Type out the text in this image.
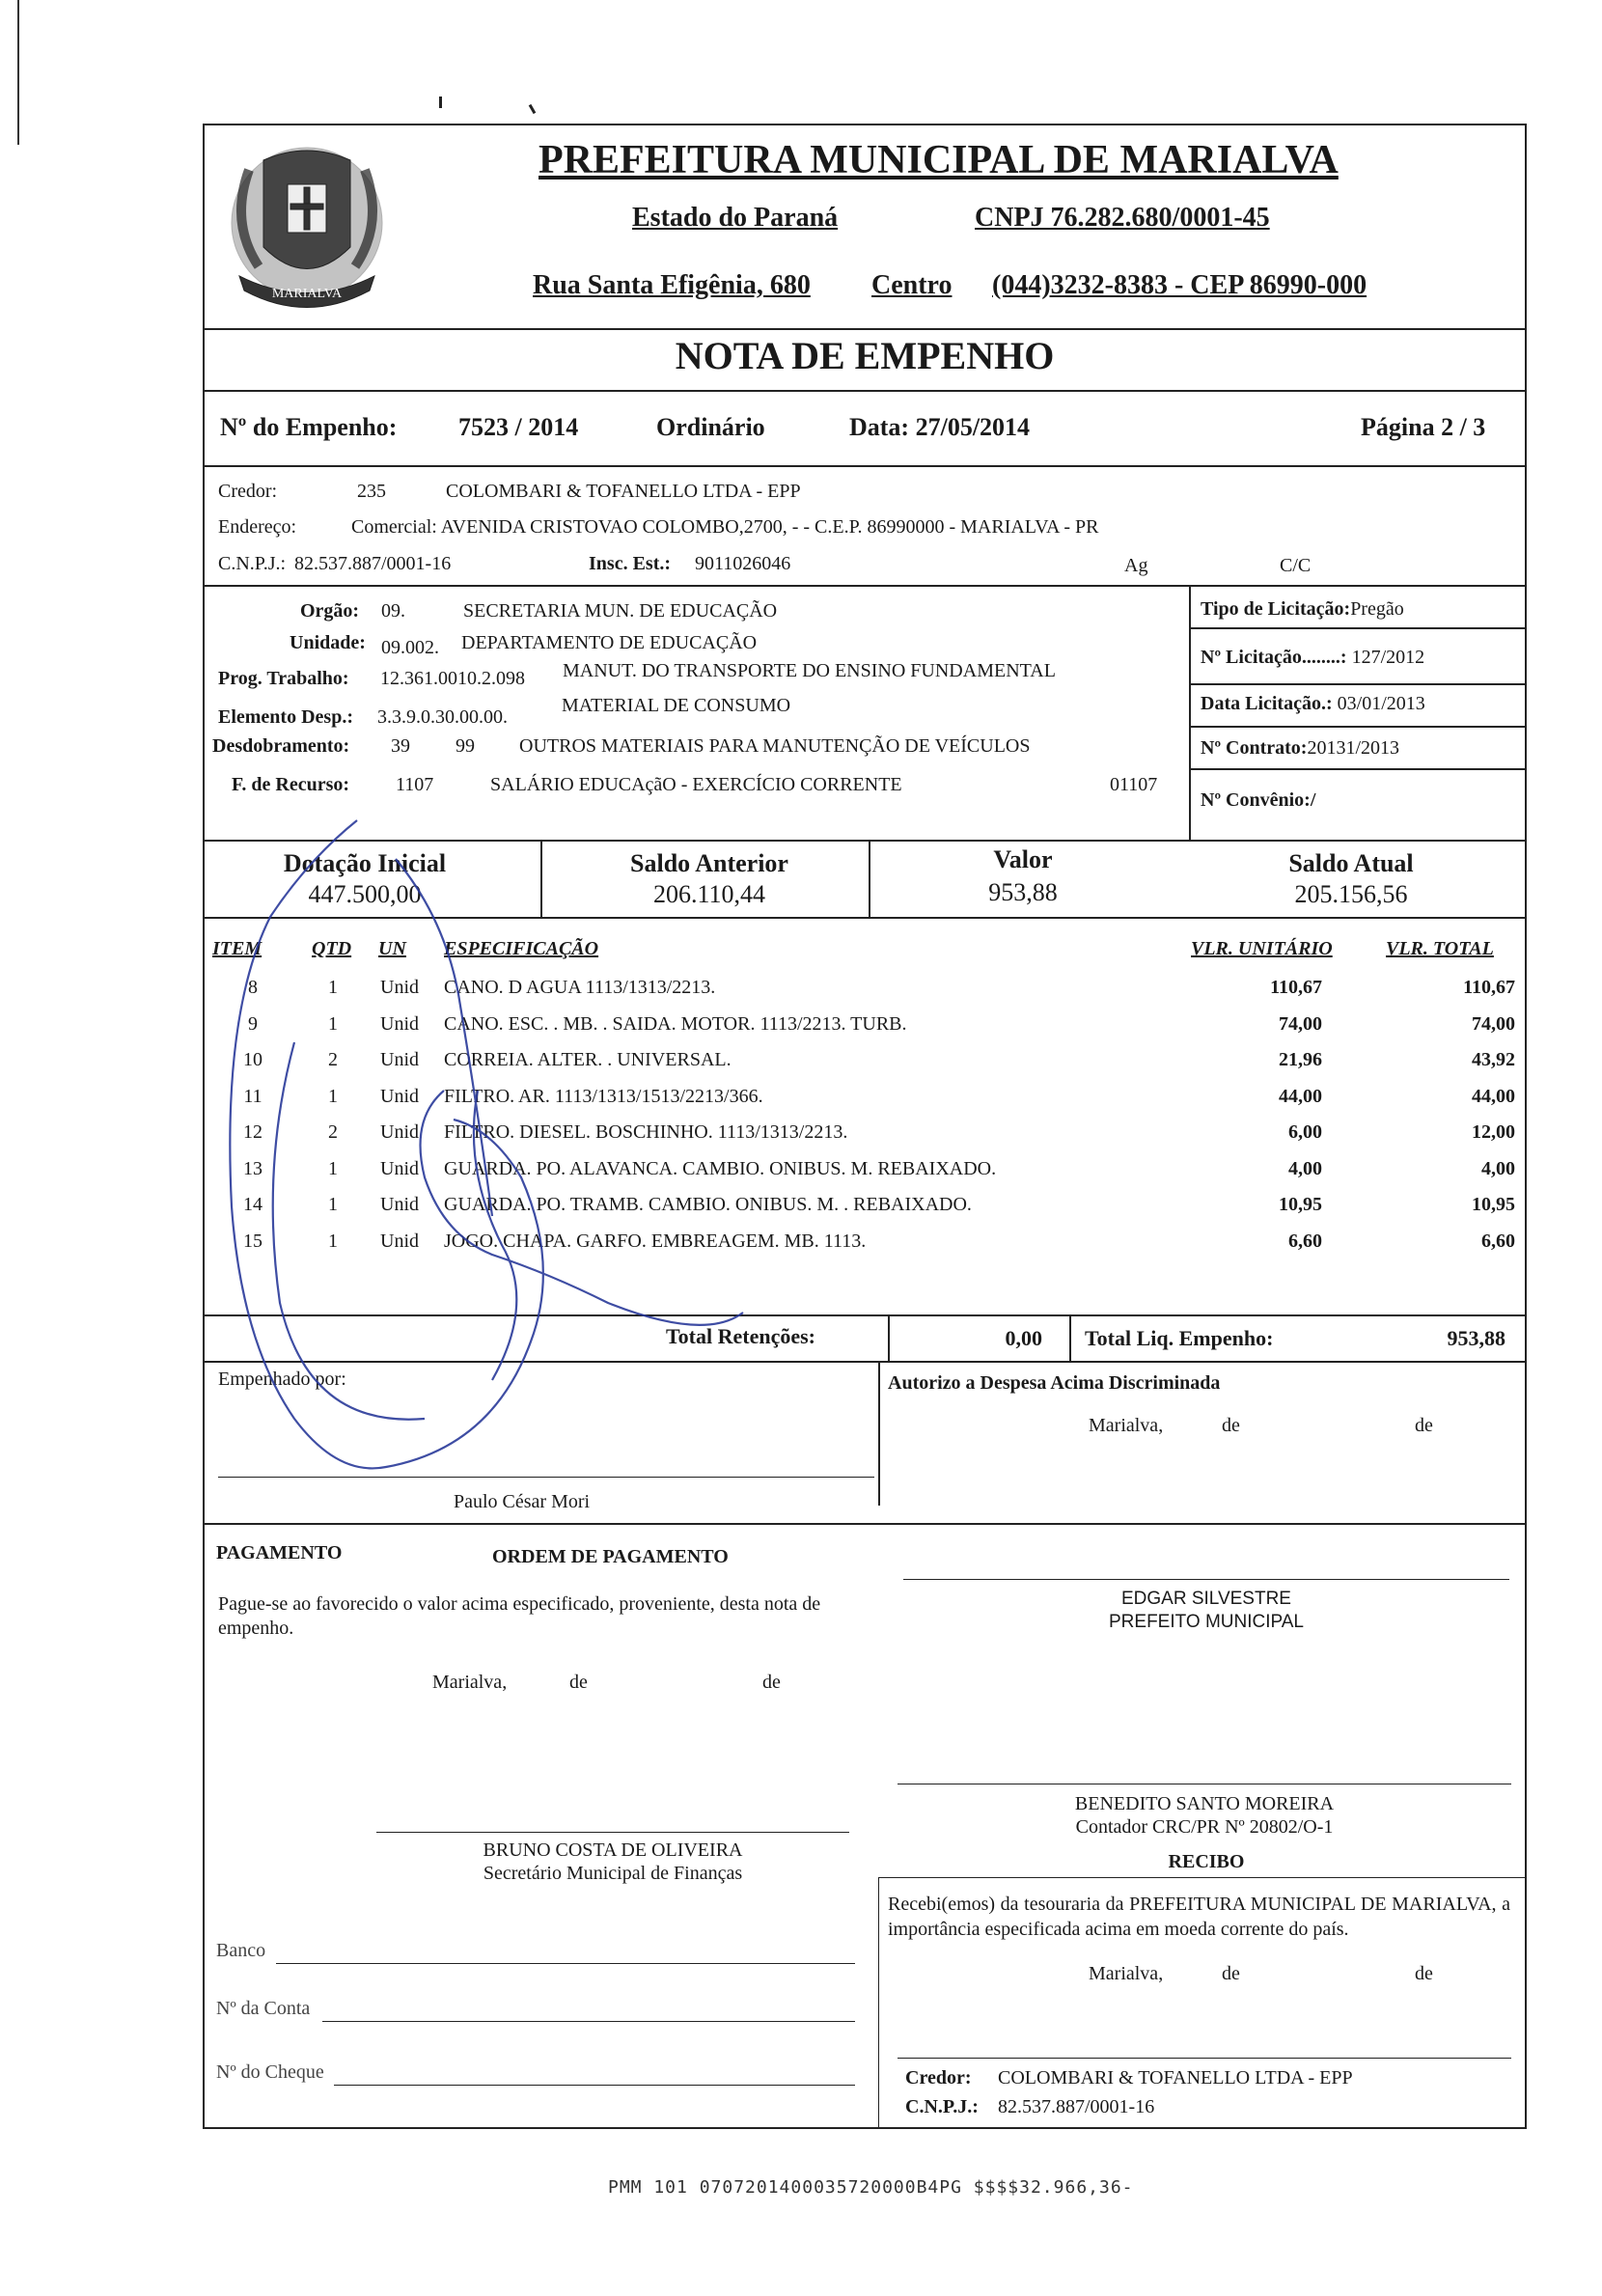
MARIALVA
PREFEITURA MUNICIPAL DE MARIALVA
Estado do Paraná	CNPJ 76.282.680/0001-45
Rua Santa Efigênia, 680 Centro (044)3232-8383 - CEP 86990-000
NOTA DE EMPENHO
Nº do Empenho: 7523 / 2014	Ordinário	Data: 27/05/2014	Página 2 / 3
Credor:	235	COLOMBARI & TOFANELLO LTDA - EPP
Endereço:	Comercial: AVENIDA CRISTOVAO COLOMBO,2700, - - C.E.P. 86990000 - MARIALVA - PR
C.N.P.J.: 82.537.887/0001-16	Insc. Est.: 9011026046	Ag	C/C
Orgão: 09.	SECRETARIA MUN. DE EDUCAÇÃO
Unidade: 09.002. DEPARTAMENTO DE EDUCAÇÃO
Prog. Trabalho: 12.361.0010.2.098 MANUT. DO TRANSPORTE DO ENSINO FUNDAMENTAL
Elemento Desp.: 3.3.9.0.30.00.00.
MATERIAL DE CONSUMO
Desdobramento: 39 99 OUTROS MATERIAIS PARA MANUTENÇÃO DE VEÍCULOS
F. de Recurso: 1107	SALÁRIO EDUCAçãO - EXERCÍCIO CORRENTE	01107
Tipo de Licitação:Pregão
Nº Licitação........: 127/2012
Data Licitação.: 03/01/2013
Nº Contrato:20131/2013
Nº Convênio:/
Dotação Inicial
447.500,00
Saldo Anterior
206.110,44
Valor
953,88
Saldo Atual
205.156,56
ITEM	QTD UN ESPECIFICAÇÃO	VLR. UNITÁRIO	VLR. TOTAL
8	1	Unid	CANO. D AGUA 1113/1313/2213.	110,67	110,67
9	1	Unid	CANO. ESC. . MB. . SAIDA. MOTOR. 1113/2213. TURB.	74,00	74,00
10	2	Unid	CORREIA. ALTER. . UNIVERSAL.	21,96	43,92
11	1	Unid	FILTRO. AR. 1113/1313/1513/2213/366.	44,00	44,00
12	2	Unid	FILTRO. DIESEL. BOSCHINHO. 1113/1313/2213.	6,00	12,00
13	1	Unid	GUARDA. PO. ALAVANCA. CAMBIO. ONIBUS. M. REBAIXADO.	4,00	4,00
14	1	Unid	GUARDA. PO. TRAMB. CAMBIO. ONIBUS. M. . REBAIXADO.	10,95	10,95
15	1	Unid	JOGO. CHAPA. GARFO. EMBREAGEM. MB. 1113.	6,60	6,60
Total Retenções:	0,00 Total Liq. Empenho:	953,88
Empenhado por:	Autorizo a Despesa Acima Discriminada
Marialva,	de	de
Paulo César Mori
PAGAMENTO	ORDEM DE PAGAMENTO
Pague-se ao favorecido o valor acima especificado, proveniente, desta nota de empenho.
Marialva,	de	de
EDGAR SILVESTRE
PREFEITO MUNICIPAL
BENEDITO SANTO MOREIRA
Contador CRC/PR Nº 20802/O-1
BRUNO COSTA DE OLIVEIRA
Secretário Municipal de Finanças
RECIBO
Recebi(emos) da tesouraria da PREFEITURA MUNICIPAL DE MARIALVA, a importância especificada acima em moeda corrente do país.
Marialva,	de	de
Credor: COLOMBARI & TOFANELLO LTDA - EPP
C.N.P.J.: 82.537.887/0001-16
Banco
Nº da Conta
Nº do Cheque
PMM 101 0707201400035720000B4PG $$$$32.966,36-
